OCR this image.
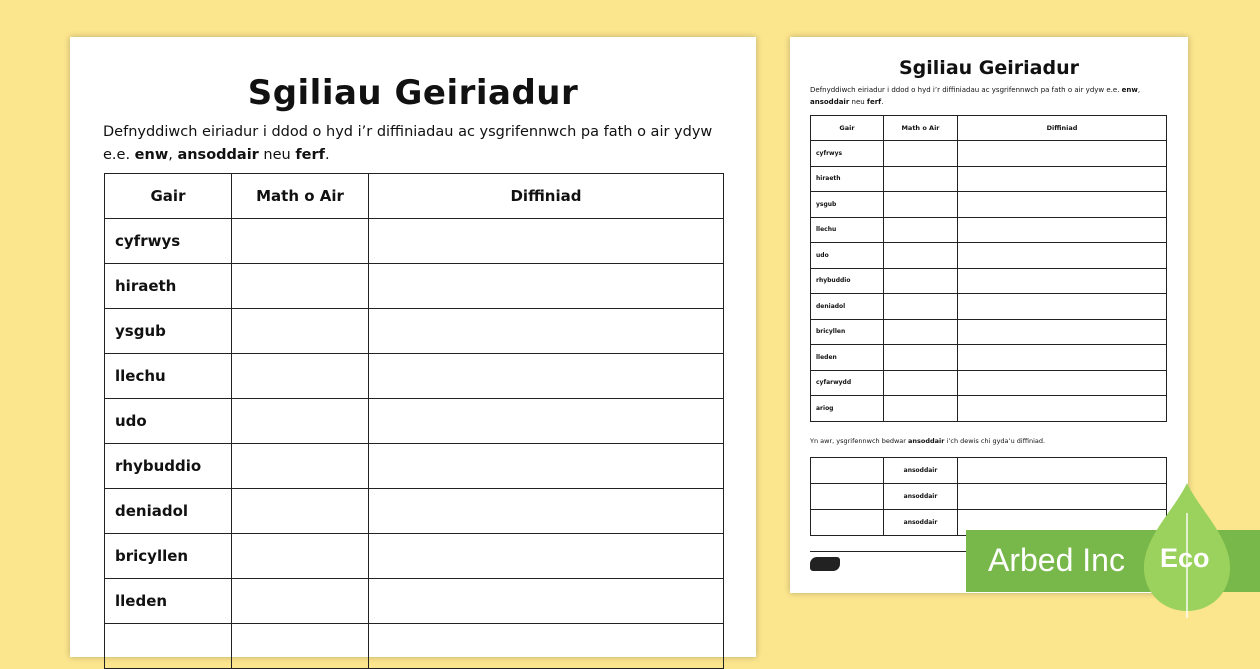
Sgiliau Geiriadur
Defnyddiwch eiriadur i ddod o hyd i’r diffiniadau ac ysgrifennwch pa fath o air ydyw e.e. enw, ansoddair neu ferf.
Gair	Math o Air	Diffiniad
cyfrwys		
hiraeth		
ysgub		
llechu		
udo		
rhybuddio		
deniadol		
bricyllen		
lleden		

Sgiliau Geiriadur
Defnyddiwch eiriadur i ddod o hyd i’r diffiniadau ac ysgrifennwch pa fath o air ydyw e.e. enw, ansoddair neu ferf.
Gair	Math o Air	Diffiniad
cyfrwys		
hiraeth		
ysgub		
llechu		
udo		
rhybuddio		
deniadol		
bricyllen		
lleden		
cyfarwydd		
ariog		
Yn awr, ysgrifennwch bedwar ansoddair i’ch dewis chi gyda’u diffiniad.
	ansoddair	
	ansoddair	
	ansoddair	
Arbed Inc Eco
